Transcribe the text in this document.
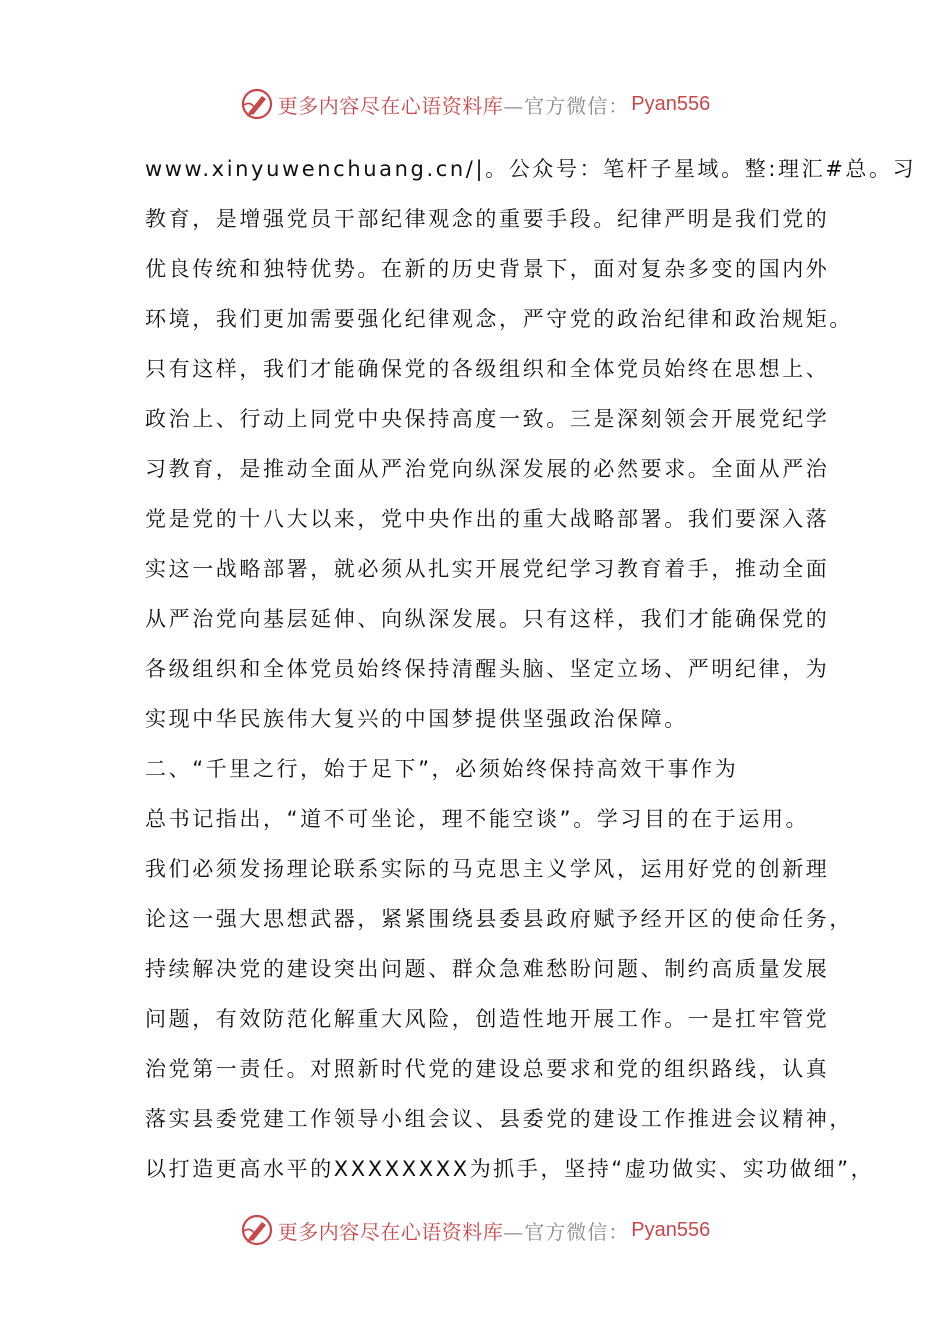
更多内容尽在心语资料库 —官方微信： Pyan556
www.xinyuwenchuang.cn/|。公众号：笔杆子星域。整:理汇#总。习
教育，是增强党员干部纪律观念的重要手段。纪律严明是我们党的
优良传统和独特优势。在新的历史背景下，面对复杂多变的国内外
环境，我们更加需要强化纪律观念，严守党的政治纪律和政治规矩。
只有这样，我们才能确保党的各级组织和全体党员始终在思想上、
政治上、行动上同党中央保持高度一致。三是深刻领会开展党纪学
习教育，是推动全面从严治党向纵深发展的必然要求。全面从严治
党是党的十八大以来，党中央作出的重大战略部署。我们要深入落
实这一战略部署，就必须从扎实开展党纪学习教育着手，推动全面
从严治党向基层延伸、向纵深发展。只有这样，我们才能确保党的
各级组织和全体党员始终保持清醒头脑、坚定立场、严明纪律，为
实现中华民族伟大复兴的中国梦提供坚强政治保障。
二、“千里之行，始于足下”，必须始终保持高效干事作为
总书记指出，“道不可坐论，理不能空谈”。学习目的在于运用。
我们必须发扬理论联系实际的马克思主义学风，运用好党的创新理
论这一强大思想武器，紧紧围绕县委县政府赋予经开区的使命任务，
持续解决党的建设突出问题、群众急难愁盼问题、制约高质量发展
问题，有效防范化解重大风险，创造性地开展工作。一是扛牢管党
治党第一责任。对照新时代党的建设总要求和党的组织路线，认真
落实县委党建工作领导小组会议、县委党的建设工作推进会议精神，
以打造更高水平的XXXXXXXX为抓手，坚持“虚功做实、实功做细”，
更多内容尽在心语资料库 —官方微信： Pyan556
